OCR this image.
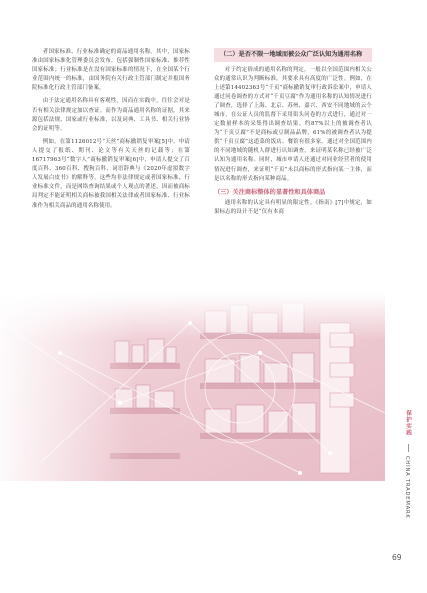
者国家标准、行业标准确定的商品通用名称。其中，国家标准由国家标准化管理委员会发布，包括强制性国家标准、推荐性国家标准；行业标准是在没有国家标准的情况下，在全国某个行业范围内统一的标准，由国务院有关行政主管部门制定并报国务院标准化行政主管部门备案。

由于法定通用名称具有客观性，因而在实践中，往往会对是否有相关法律规定加以查证。而作为商品通用名称的证据，其来源包括法规、国家或行业标准，以及词典、工具书、相关行业协会的证明等。

例如，在第1126012号“天丝”商标撤销复审案[5]中，申请人提交了报纸、期刊、论文等有关天丝的记载等；在第16717963号“数字人”商标撤销复审案[6]中，申请人提交了百度百科、360百科、搜狗百科、词语辞典与《2020年虚拟数字人发展白皮书》的解释等。这些均非法律规定或者国家标准、行业标准文件，而是网络查询结果或个人观点的著述，因而被商标局判定不能证明相关商标被我国相关法律或者国家标准、行业标准作为相关商品的通用名称使用。

（二）是否不限一地域而被公众广泛认知为通用名称

对于约定俗成的通用名称的判定，一般以全国范围内相关公众的通常认识为判断标准，其要求具有高度的广泛性。例如，在上述第14402363号“千页”商标撤销复审行政诉讼案中，申请人通过问卷调查的方式对“千页豆腐”作为通用名称的认知情况进行了调查，选择了上海、北京、苏州、嘉兴、西安不同地域的云个城市，在公证人员的监督下采用街头问卷的方式进行，通过对一定数量样本的采集得出调查结果。约87%以上的被调查者认为“千页豆腐”不是商标或豆制品品牌，61%的被调查者认为提供“千页豆腐”这道菜的饭店、餐馆有很多家。通过对全国范围内的不同地域的随机人群进行认知调查，来证明某名称已经被广泛认知为通用名称。同时，城市申请人还通过对同业经营者的使用情况进行调查，来证明“千页”未以商标的形式指向某一主体，而是以名称的形式指向某种商品。

（三）关注商标整体的显著性和具体商品

通用名称的认定具有明显的限定性。《指南》[7]中规定，如果标志的设计不是“仅有本商

保护实践
CHINA TRADEMARK
69
